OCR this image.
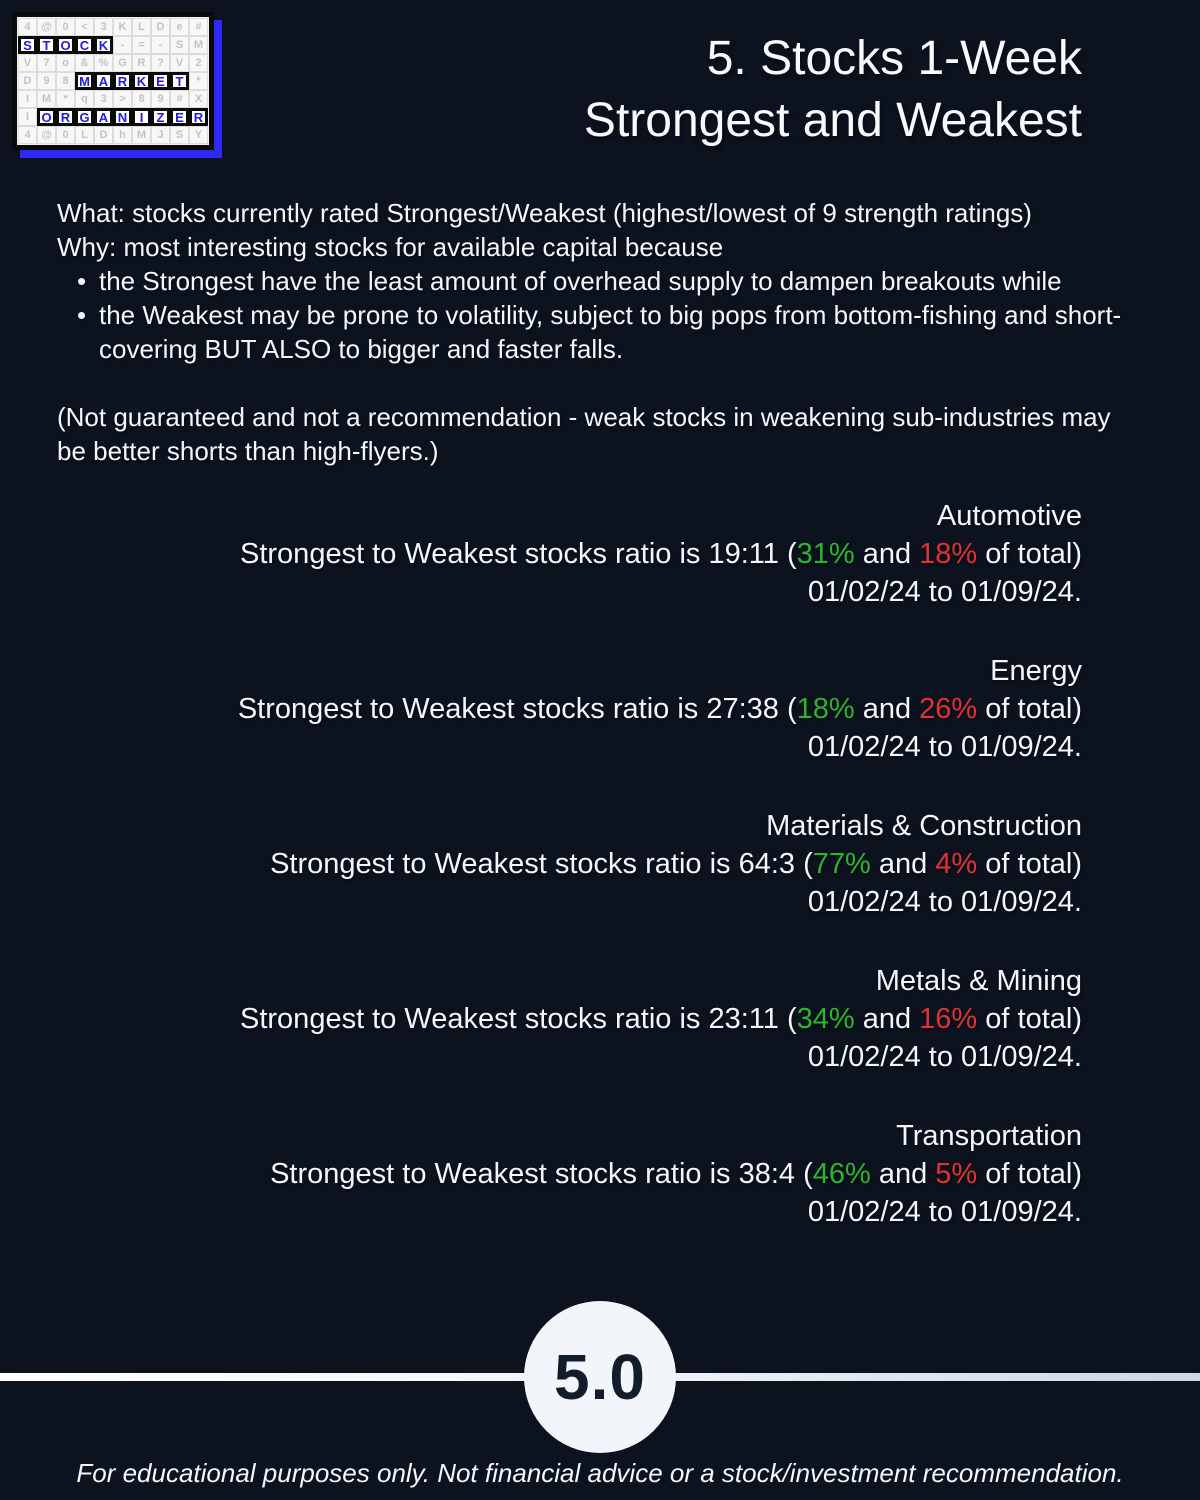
4 @ 0	<	3	K	L	D	e	#
S T O C K	-	=	-	S M
V	7	o	& % G R	?	V	2
D	9	8 M A R K E T	*
I	M	*	q	3	>	8	9	#	X
I O R G A N I	Z E R
4 @ 0	L	D	h	M	J	S	Y
5. Stocks 1-Week
Strongest and Weakest
What: stocks currently rated Strongest/Weakest (highest/lowest of 9 strength ratings)
Why: most interesting stocks for available capital because
• the Strongest have the least amount of overhead supply to dampen breakouts while
• the Weakest may be prone to volatility, subject to big pops from bottom-fishing and short-covering BUT ALSO to bigger and faster falls.
(Not guaranteed and not a recommendation - weak stocks in weakening sub-industries may be better shorts than high-flyers.)
Automotive
Strongest to Weakest stocks ratio is 19:11 (31% and 18% of total)
01/02/24 to 01/09/24.
Energy
Strongest to Weakest stocks ratio is 27:38 (18% and 26% of total)
01/02/24 to 01/09/24.
Materials & Construction
Strongest to Weakest stocks ratio is 64:3 (77% and 4% of total)
01/02/24 to 01/09/24.
Metals & Mining
Strongest to Weakest stocks ratio is 23:11 (34% and 16% of total)
01/02/24 to 01/09/24.
Transportation
Strongest to Weakest stocks ratio is 38:4 (46% and 5% of total)
01/02/24 to 01/09/24.
5.0
For educational purposes only. Not financial advice or a stock/investment recommendation.
